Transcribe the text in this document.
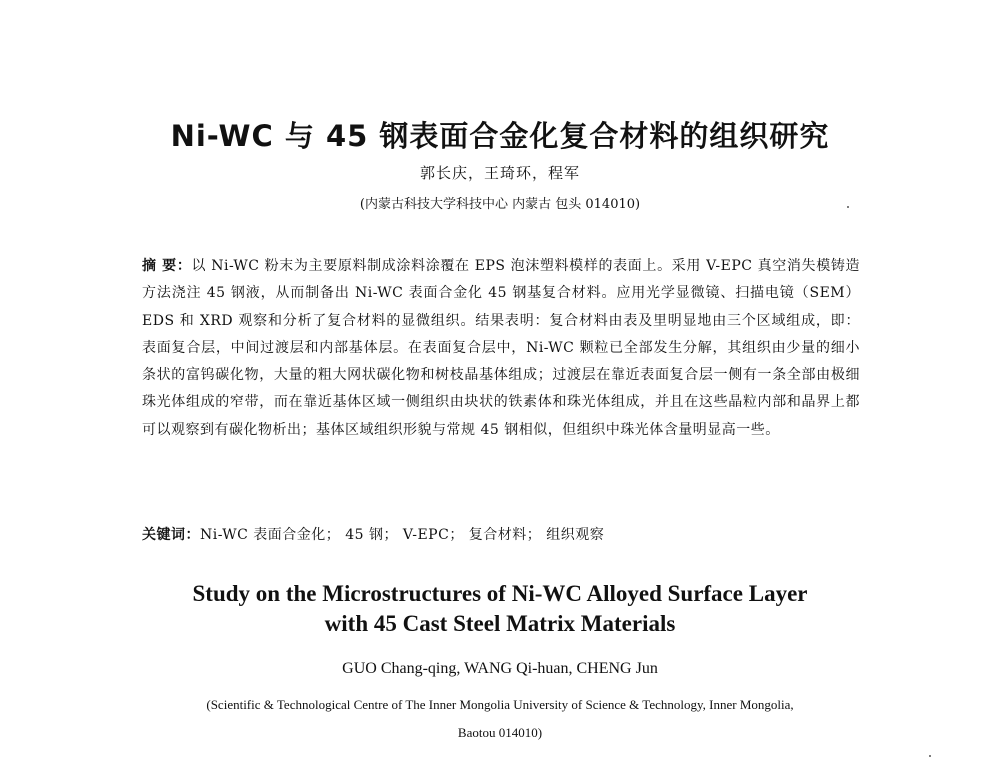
Ni-WC 与 45 钢表面合金化复合材料的组织研究
郭长庆，王琦环，程军
(内蒙古科技大学科技中心 内蒙古 包头 014010)
摘 要：以 Ni-WC 粉末为主要原料制成涂料涂覆在 EPS 泡沫塑料模样的表面上。采用 V-EPC 真空消失模铸造方法浇注 45 钢液，从而制备出 Ni-WC 表面合金化 45 钢基复合材料。应用光学显微镜、扫描电镜（SEM）EDS 和 XRD 观察和分析了复合材料的显微组织。结果表明：复合材料由表及里明显地由三个区域组成，即：表面复合层，中间过渡层和内部基体层。在表面复合层中，Ni-WC 颗粒已全部发生分解，其组织由少量的细小条状的富钨碳化物，大量的粗大网状碳化物和树枝晶基体组成；过渡层在靠近表面复合层一侧有一条全部由极细珠光体组成的窄带，而在靠近基体区域一侧组织由块状的铁素体和珠光体组成，并且在这些晶粒内部和晶界上都可以观察到有碳化物析出；基体区域组织形貌与常规 45 钢相似，但组织中珠光体含量明显高一些。
关键词：Ni-WC 表面合金化； 45 钢； V-EPC； 复合材料； 组织观察
Study on the Microstructures of Ni-WC Alloyed Surface Layer
with 45 Cast Steel Matrix Materials
GUO Chang-qing, WANG Qi-huan, CHENG Jun
(Scientific & Technological Centre of The Inner Mongolia University of Science & Technology, Inner Mongolia,
Baotou 014010)
